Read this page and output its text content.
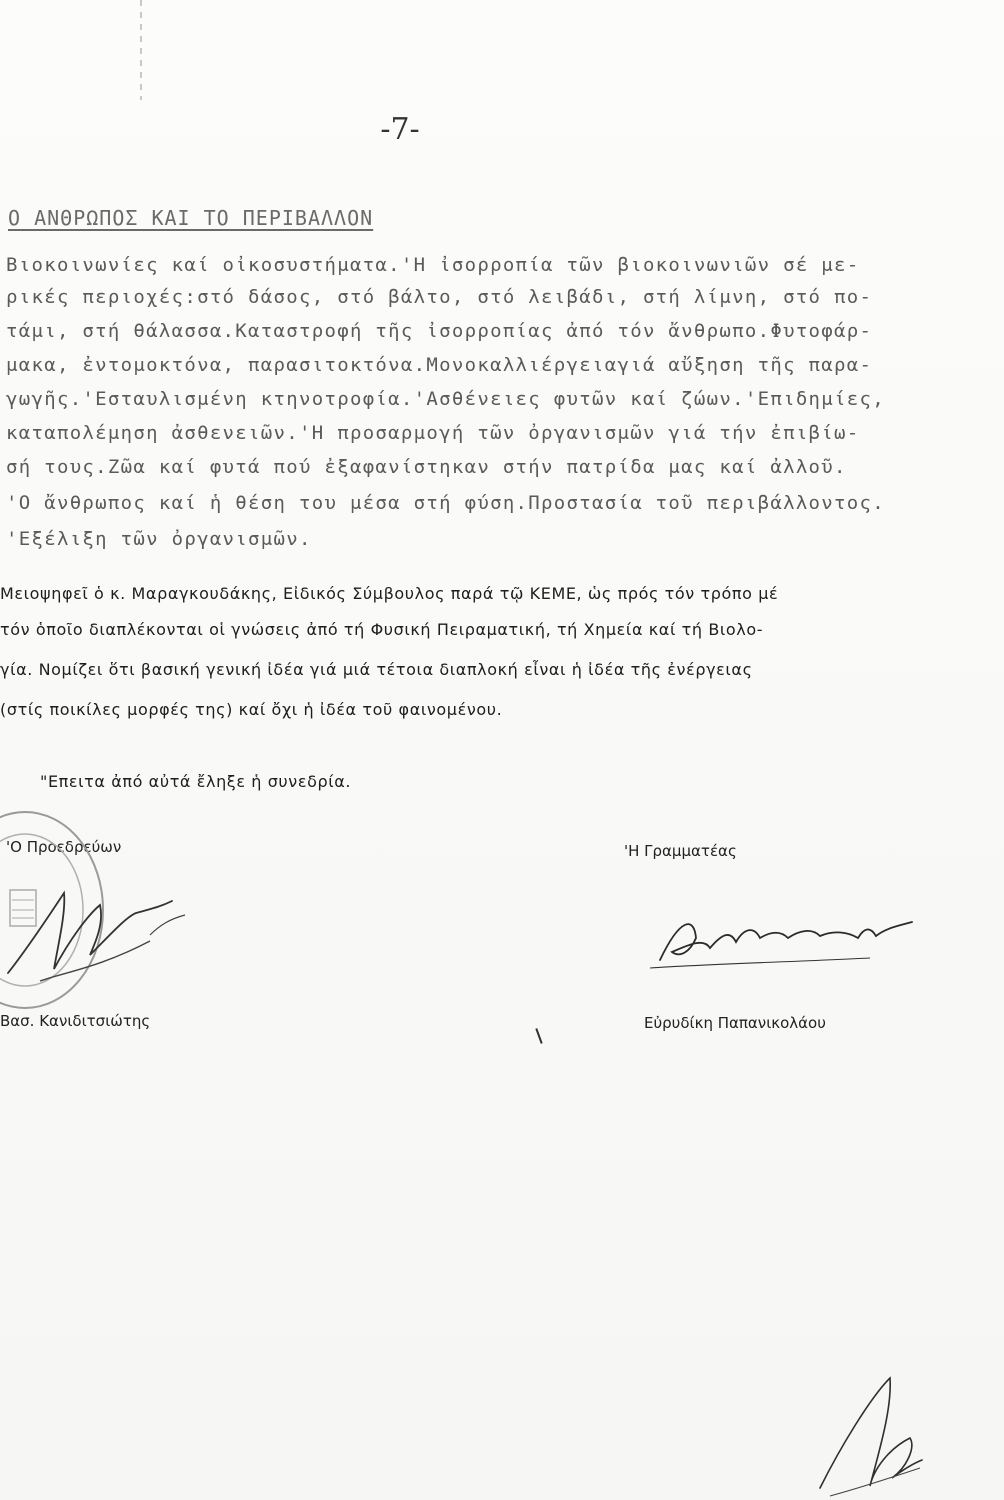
-7-
Ο ΑΝΘΡΩΠΟΣ ΚΑΙ ΤΟ ΠΕΡΙΒΑΛΛΟΝ
Βιοκοινωνίες καί οἰκοσυστήματα.'Η ἰσορροπία τῶν βιοκοινωνιῶν σέ με-
ρικές περιοχές:στό δάσος, στό βάλτο, στό λειβάδι, στή λίμνη, στό πο-
τάμι, στή θάλασσα.Καταστροφή τῆς ἰσορροπίας ἀπό τόν ἄνθρωπο.Φυτοφάρ-
μακα, ἐντομοκτόνα, παρασιτοκτόνα.Μονοκαλλιέργειαγιά αὔξηση τῆς παρα-
γωγῆς.'Εσταυλισμένη κτηνοτροφία.'Ασθένειες φυτῶν καί ζώων.'Επιδημίες,
καταπολέμηση ἀσθενειῶν.'Η προσαρμογή τῶν ὀργανισμῶν γιά τήν ἐπιβίω-
σή τους.Ζῶα καί φυτά πού ἐξαφανίστηκαν στήν πατρίδα μας καί ἀλλοῦ.
'Ο ἄνθρωπος καί ἡ θέση του μέσα στή φύση.Προστασία τοῦ περιβάλλοντος.
'Εξέλιξη τῶν ὀργανισμῶν.
Μειοψηφεῖ ὁ κ. Μαραγκουδάκης, Εἰδικός Σύμβουλος παρά τῷ ΚΕΜΕ, ὡς πρός τόν τρόπο μέ
τόν ὁποῖο διαπλέκονται οἱ γνώσεις ἀπό τή Φυσική Πειραματική, τή Χημεία καί τή Βιολο-
γία. Νομίζει ὅτι βασική γενική ἰδέα γιά μιά τέτοια διαπλοκή εἶναι ἡ ἰδέα τῆς ἐνέργειας
(στίς ποικίλες μορφές της) καί ὄχι ἡ ἰδέα τοῦ φαινομένου.
"Επειτα ἀπό αὐτά ἔληξε ἡ συνεδρία.
'Ο Προεδρεύων	'Η Γραμματέας
Βασ. Κανιδιτσιώτης	Εὐρυδίκη Παπανικολάου
